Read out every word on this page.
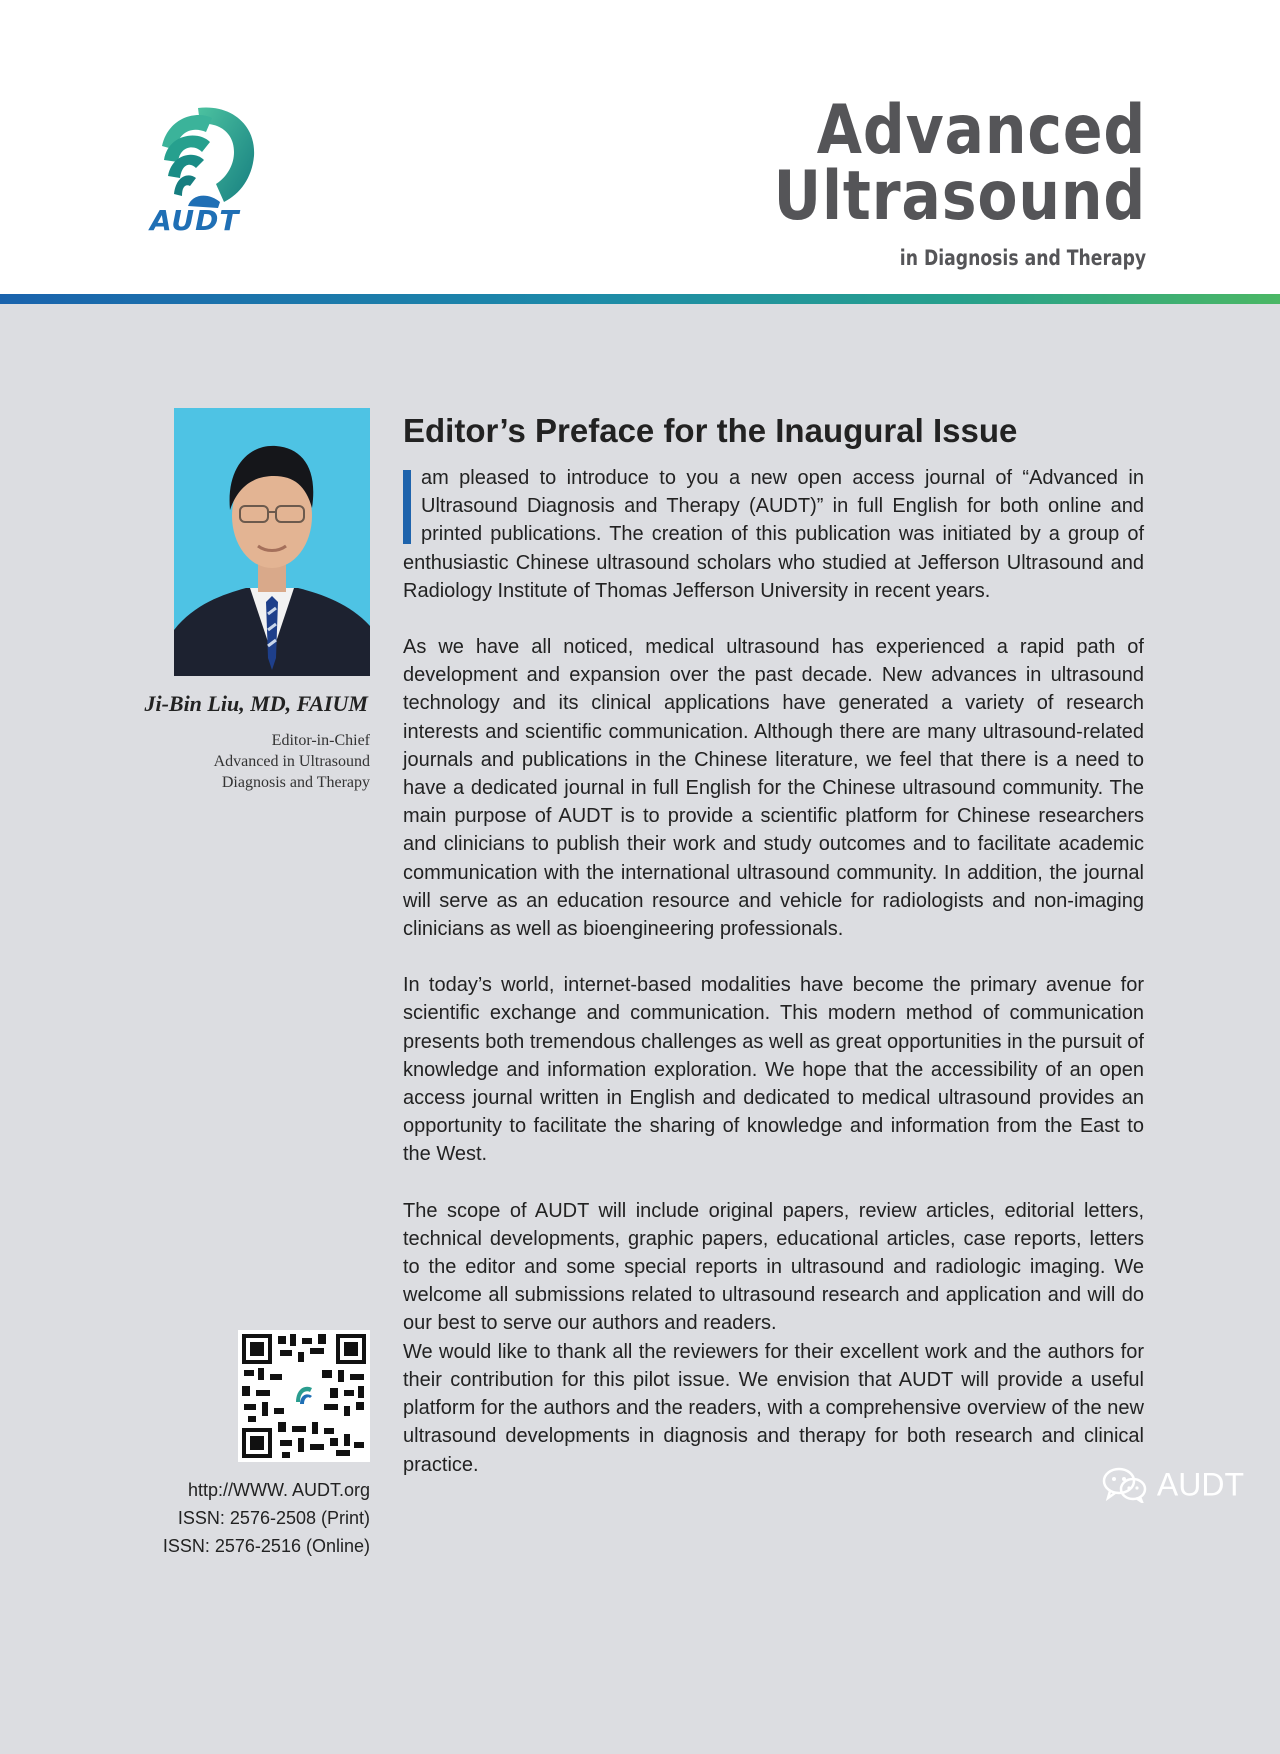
AUDT
Advanced
Ultrasound
in Diagnosis and Therapy
Ji-Bin Liu, MD, FAIUM
Editor-in-Chief
Advanced in Ultrasound
Diagnosis and Therapy
http://WWW. AUDT.org
ISSN: 2576-2508 (Print)
ISSN: 2576-2516 (Online)
Editor’s Preface for the Inaugural Issue

am pleased to introduce to you a new open access journal of “Advanced in Ultrasound Diagnosis and Therapy (AUDT)” in full English for both online and printed publications. The creation of this publication was initiated by a group of enthusiastic Chinese ultrasound scholars who studied at Jefferson Ultrasound and Radiology Institute of Thomas Jefferson University in recent years.

As we have all noticed, medical ultrasound has experienced a rapid path of development and expansion over the past decade. New advances in ultrasound technology and its clinical applications have generated a variety of research interests and scientific communication. Although there are many ultrasound-related journals and publications in the Chinese literature, we feel that there is a need to have a dedicated journal in full English for the Chinese ultrasound community. The main purpose of AUDT is to provide a scientific platform for Chinese researchers and clinicians to publish their work and study outcomes and to facilitate academic communication with the international ultrasound community. In addition, the journal will serve as an education resource and vehicle for radiologists and non-imaging clinicians as well as bioengineering professionals.

In today’s world, internet-based modalities have become the primary avenue for scientific exchange and communication. This modern method of communication presents both tremendous challenges as well as great opportunities in the pursuit of knowledge and information exploration. We hope that the accessibility of an open access journal written in English and dedicated to medical ultrasound provides an opportunity to facilitate the sharing of knowledge and information from the East to the West.

The scope of AUDT will include original papers, review articles, editorial letters, technical developments, graphic papers, educational articles, case reports, letters to the editor and some special reports in ultrasound and radiologic imaging. We welcome all submissions related to ultrasound research and application and will do our best to serve our authors and readers.

We would like to thank all the reviewers for their excellent work and the authors for their contribution for this pilot issue. We envision that AUDT will provide a useful platform for the authors and the readers, with a comprehensive overview of the new ultrasound developments in diagnosis and therapy for both research and clinical practice.

AUDT
